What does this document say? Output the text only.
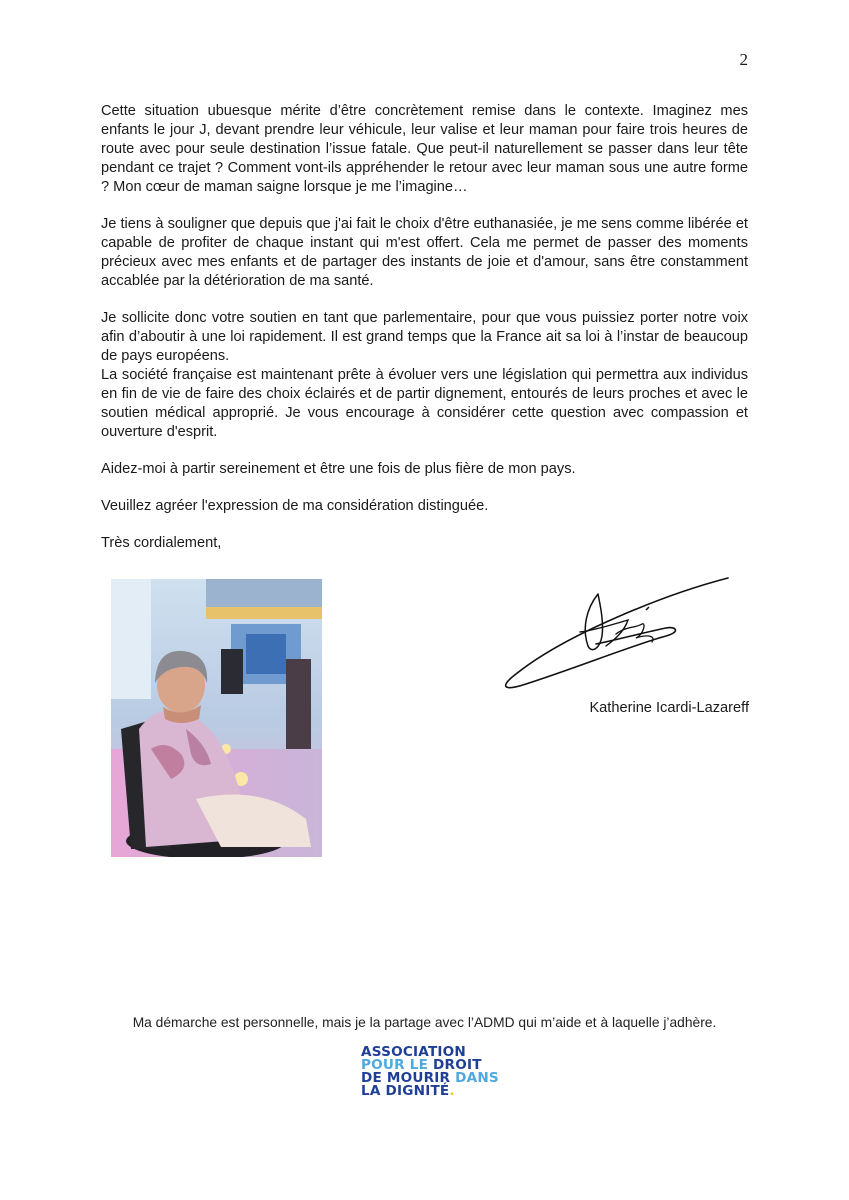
2

Cette situation ubuesque mérite d’être concrètement remise dans le contexte. Imaginez mes enfants le jour J, devant prendre leur véhicule, leur valise et leur maman pour faire trois heures de route avec pour seule destination l’issue fatale. Que peut-il naturellement se passer dans leur tête pendant ce trajet ? Comment vont-ils appréhender le retour avec leur maman sous une autre forme ? Mon cœur de maman saigne lorsque je me l’imagine…

Je tiens à souligner que depuis que j'ai fait le choix d'être euthanasiée, je me sens comme libérée et capable de profiter de chaque instant qui m'est offert. Cela me permet de passer des moments précieux avec mes enfants et de partager des instants de joie et d'amour, sans être constamment accablée par la détérioration de ma santé.

Je sollicite donc votre soutien en tant que parlementaire, pour que vous puissiez porter notre voix afin d’aboutir à une loi rapidement. Il est grand temps que la France ait sa loi à l’instar de beaucoup de pays européens.

La société française est maintenant prête à évoluer vers une législation qui permettra aux individus en fin de vie de faire des choix éclairés et de partir dignement, entourés de leurs proches et avec le soutien médical approprié. Je vous encourage à considérer cette question avec compassion et ouverture d'esprit.

Aidez-moi à partir sereinement et être une fois de plus fière de mon pays.

Veuillez agréer l'expression de ma considération distinguée.

Très cordialement,

Katherine Icardi-Lazareff
Ma démarche est personnelle, mais je la partage avec l’ADMD qui m’aide et à laquelle j’adhère.
ASSOCIATION
POUR LE DROIT
DE MOURIR DANS
LA DIGNITÉ.
